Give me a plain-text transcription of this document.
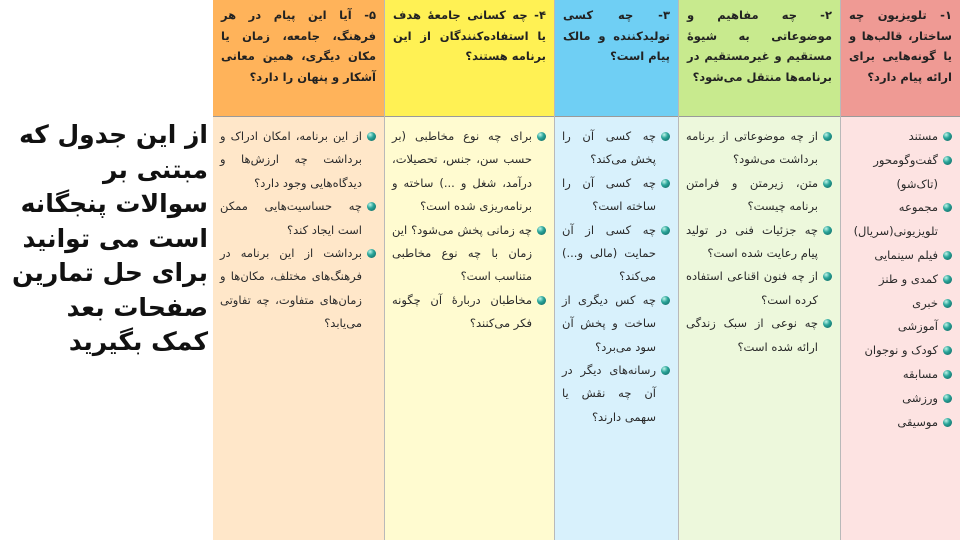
از این جدول که مبتنی بر سوالات پنجگانه است می توانید برای حل تمارین صفحات بعد کمک بگیرید
۱- تلویزیون چه ساختار، قالب‌ها و یا گونه‌هایی برای ارائه پیام دارد؟
مستند
گفت‌وگومحور (تاک‌شو)
مجموعه تلویزیونی(سریال)
فیلم سینمایی
کمدی و طنز
خبری
آموزشی
کودک و نوجوان
مسابقه
ورزشی
موسیقی
۲- چه مفاهیم و موضوعاتی به شیوهٔ مستقیم و غیرمستقیم در برنامه‌ها منتقل می‌شود؟
از چه موضوعاتی از برنامه برداشت می‌شود؟
متن، زیرمتن و فرامتن برنامه چیست؟
چه جزئیات فنی در تولید پیام رعایت شده است؟
از چه فنون اقناعی استفاده کرده است؟
چه نوعی از سبک زندگی ارائه شده است؟
۳- چه کسی تولیدکننده و مالک پیام است؟
چه کسی آن را پخش می‌کند؟
چه کسی آن را ساخته است؟
چه کسی از آن حمایت (مالی و...) می‌کند؟
چه کس دیگری از ساخت و پخش آن سود می‌برد؟
رسانه‌های دیگر در آن چه نقش یا سهمی دارند؟
۴- چه کسانی جامعهٔ هدف یا استفاده‌کنندگان از این برنامه هستند؟
برای چه نوع مخاطبی (بر حسب سن، جنس، تحصیلات، درآمد، شغل و ...) ساخته و برنامه‌ریزی شده است؟
چه زمانی پخش می‌شود؟ این زمان با چه نوع مخاطبی متناسب است؟
مخاطبان دربارهٔ آن چگونه فکر می‌کنند؟
۵- آیا این پیام در هر فرهنگ، جامعه، زمان یا مکان دیگری، همین معانی آشکار و پنهان را دارد؟
از این برنامه، امکان ادراک و برداشت چه ارزش‌ها و دیدگاه‌هایی وجود دارد؟
چه حساسیت‌هایی ممکن است ایجاد کند؟
برداشت از این برنامه در فرهنگ‌های مختلف، مکان‌ها و زمان‌های متفاوت، چه تفاوتی می‌یابد؟
